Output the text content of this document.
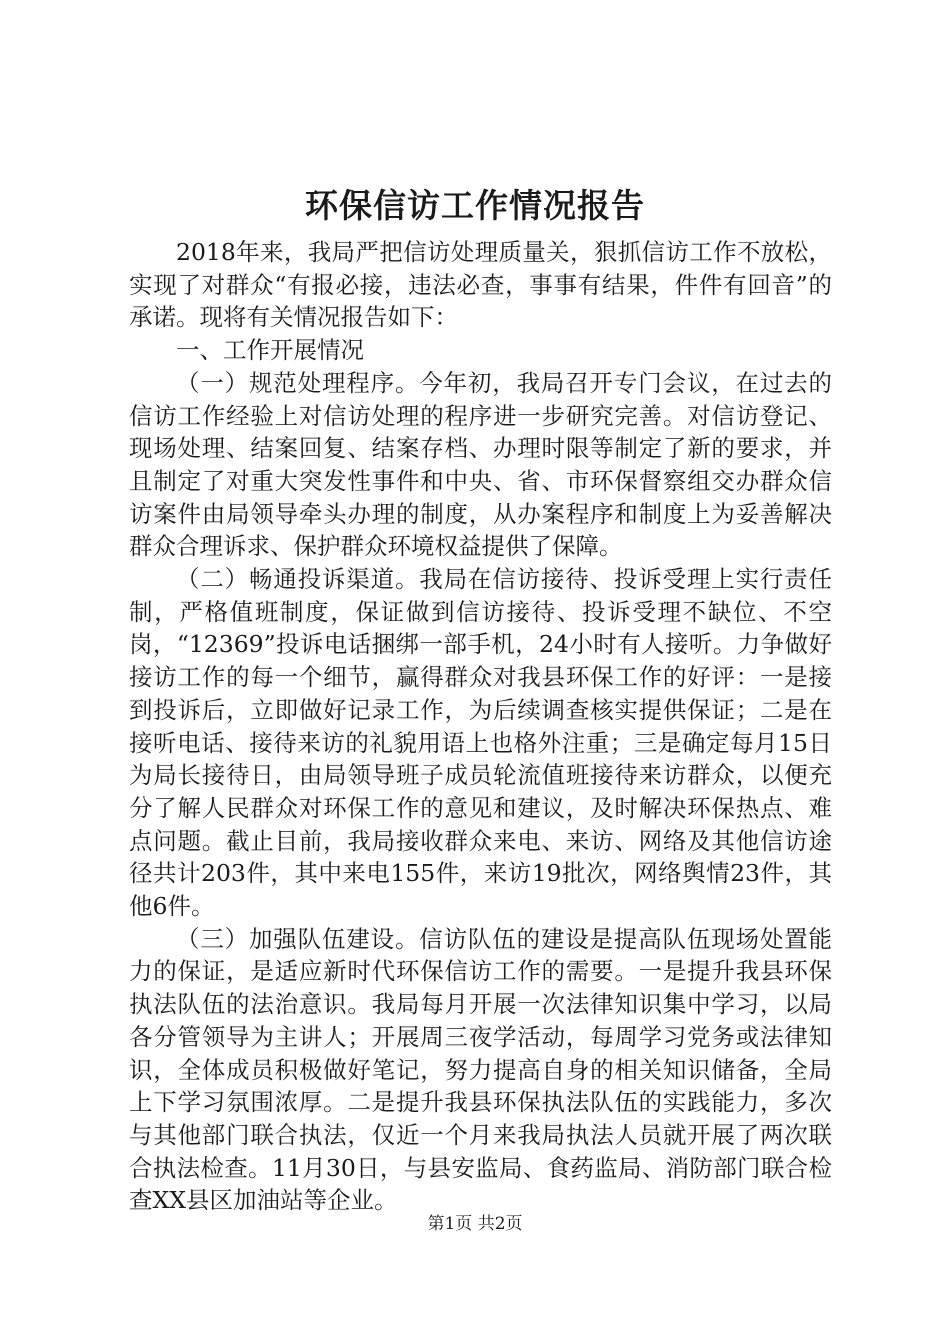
环保信访工作情况报告

2018年来，我局严把信访处理质量关，狠抓信访工作不放松，实现了对群众“有报必接，违法必查，事事有结果，件件有回音”的承诺。现将有关情况报告如下：

一、工作开展情况

（一）规范处理程序。今年初，我局召开专门会议，在过去的信访工作经验上对信访处理的程序进一步研究完善。对信访登记、现场处理、结案回复、结案存档、办理时限等制定了新的要求，并且制定了对重大突发性事件和中央、省、市环保督察组交办群众信访案件由局领导牵头办理的制度，从办案程序和制度上为妥善解决群众合理诉求、保护群众环境权益提供了保障。

（二）畅通投诉渠道。我局在信访接待、投诉受理上实行责任制，严格值班制度，保证做到信访接待、投诉受理不缺位、不空岗，“12369”投诉电话捆绑一部手机，24小时有人接听。力争做好接访工作的每一个细节，赢得群众对我县环保工作的好评：一是接到投诉后，立即做好记录工作，为后续调查核实提供保证；二是在接听电话、接待来访的礼貌用语上也格外注重；三是确定每月15日为局长接待日，由局领导班子成员轮流值班接待来访群众，以便充分了解人民群众对环保工作的意见和建议，及时解决环保热点、难点问题。截止目前，我局接收群众来电、来访、网络及其他信访途径共计203件，其中来电155件，来访19批次，网络舆情23件，其他6件。

（三）加强队伍建设。信访队伍的建设是提高队伍现场处置能力的保证，是适应新时代环保信访工作的需要。一是提升我县环保执法队伍的法治意识。我局每月开展一次法律知识集中学习，以局各分管领导为主讲人；开展周三夜学活动，每周学习党务或法律知识，全体成员积极做好笔记，努力提高自身的相关知识储备，全局上下学习氛围浓厚。二是提升我县环保执法队伍的实践能力，多次与其他部门联合执法，仅近一个月来我局执法人员就开展了两次联合执法检查。11月30日，与县安监局、食药监局、消防部门联合检查XX县区加油站等企业。

第1页 共2页
